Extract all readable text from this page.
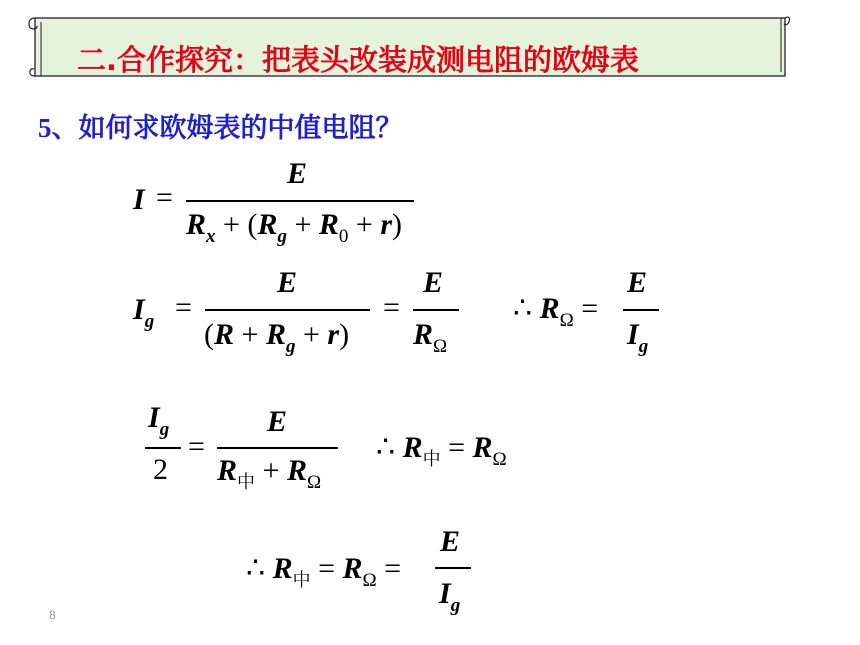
二.合作探究：把表头改装成测电阻的欧姆表
5、如何求欧姆表的中值电阻？
I =
E
$R_x + (R_g + R_0 + r)$
$I_g$ =
E
$(R + R_g + r)$
=
E
$R_\Omega$
∴ $R_\Omega$ =
E
$I_g$
$I_g$
2
=
E
$R_中 + R_\Omega$
∴ $R_中 = R_\Omega$
∴ $R_中 = R_\Omega$ =
E
$I_g$
8
